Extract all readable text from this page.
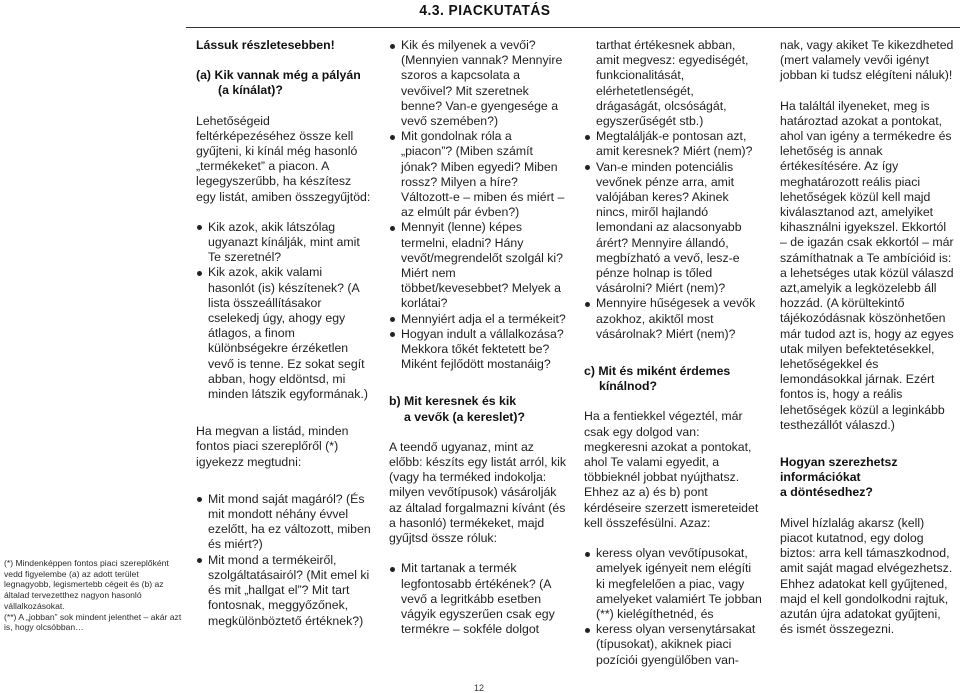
4.3. PIACKUTATÁS

(*) Mindenképpen fontos piaci szereplőként vedd figyelembe (a) az adott terület legnagyobb, legismertebb cégeit és (b) az általad tervezetthez nagyon hasonló vállalkozásokat.

(**) A „jobban” sok mindent jelenthet – akár azt is, hogy olcsóbban…

Lássuk részletesebben!
(a) Kik vannak még a pályán
(a kínálat)?

Lehetőségeid feltérképezéséhez össze kell gyűjteni, ki kínál még hasonló „termékeket” a piacon. A legegyszerűbb, ha készítesz egy listát, amiben összegyűjtöd:

Kik azok, akik látszólag ugyanazt kínálják, mint amit Te szeretnél?

Kik azok, akik valami hasonlót (is) készítenek? (A lista összeállításakor cselekedj úgy, ahogy egy átlagos, a finom különbségekre érzéketlen vevő is tenne. Ez sokat segít abban, hogy eldöntsd, mi minden látszik egyformának.)

Ha megvan a listád, minden fontos piaci szereplőről (*) igyekezz megtudni:

Mit mond saját magáról? (És mit mondott néhány évvel ezelőtt, ha ez változott, miben és miért?)

Mit mond a termékeiről, szolgáltatásairól? (Mit emel ki és mit „hallgat el”? Mit tart fontosnak, meggyőzőnek, megkülönböztető értéknek?)

Kik és milyenek a vevői? (Mennyien vannak? Mennyire szoros a kapcsolata a vevőivel? Mit szeretnek benne? Van-e gyengesége a vevő szemében?)

Mit gondolnak róla a „piacon”? (Miben számít jónak? Miben egyedi? Miben rossz? Milyen a híre? Változott-e – miben és miért – az elmúlt pár évben?)

Mennyit (lenne) képes termelni, eladni? Hány vevőt/megrendelőt szolgál ki? Miért nem többet/kevesebbet? Melyek a korlátai?

Mennyiért adja el a termékeit?

Hogyan indult a vállalkozása? Mekkora tőkét fektetett be? Miként fejlődött mostanáig?

b) Mit keresnek és kik
a vevők (a kereslet)?

A teendő ugyanaz, mint az előbb: készíts egy listát arról, kik (vagy ha terméked indokolja: milyen vevőtípusok) vásárolják az általad forgalmazni kívánt (és a hasonló) termékeket, majd gyűjtsd össze róluk:

Mit tartanak a termék legfontosabb értékének? (A vevő a legritkább esetben vágyik egyszerűen csak egy termékre – sokféle dolgot

tarthat értékesnek abban, amit megvesz: egyediségét, funkcionalitását, elérhetetlenségét, drágaságát, olcsóságát, egyszerűségét stb.)

Megtalálják-e pontosan azt, amit keresnek? Miért (nem)?

Van-e minden potenciális vevőnek pénze arra, amit valójában keres? Akinek nincs, miről hajlandó lemondani az alacsonyabb árért? Mennyire állandó, megbízható a vevő, lesz-e pénze holnap is tőled vásárolni? Miért (nem)?

Mennyire hűségesek a vevők azokhoz, akiktől most vásárolnak? Miért (nem)?

c) Mit és miként érdemes
kínálnod?

Ha a fentiekkel végeztél, már csak egy dolgod van: megkeresni azokat a pontokat, ahol Te valami egyedit, a többieknél jobbat nyújthatsz. Ehhez az a) és b) pont kérdéseire szerzett ismereteidet kell összefésülni. Azaz:

keress olyan vevőtípusokat, amelyek igényeit nem elégíti ki megfelelően a piac, vagy amelyeket valamiért Te jobban (**) kielégíthetnéd, és

keress olyan versenytársakat (típusokat), akiknek piaci pozíciói gyengülőben van-

nak, vagy akiket Te kikezdheted (mert valamely vevői igényt jobban ki tudsz elégíteni náluk)!

Ha találtál ilyeneket, meg is határoztad azokat a pontokat, ahol van igény a termékedre és lehetőség is annak értékesítésére. Az így meghatározott reális piaci lehetőségek közül kell majd kiválasztanod azt, amelyiket kihasználni igyekszel. Ekkortól – de igazán csak ekkortól – már számíthatnak a Te ambícióid is: a lehetséges utak közül válaszd azt,amelyik a legközelebb áll hozzád. (A körültekintő tájékozódásnak köszönhetően már tudod azt is, hogy az egyes utak milyen befektetésekkel, lehetőségekkel és lemondásokkal járnak. Ezért fontos is, hogy a reális lehetőségek közül a leginkább testhezállót válaszd.)

Hogyan szerezhetsz
információkat
a döntésedhez?

Mivel hízlalág akarsz (kell) piacot kutatnod, egy dolog biztos: arra kell támaszkodnod, amit saját magad elvégezhetsz. Ehhez adatokat kell gyűjtened, majd el kell gondolkodni rajtuk, azután újra adatokat gyűjteni, és ismét összegezni.

12
